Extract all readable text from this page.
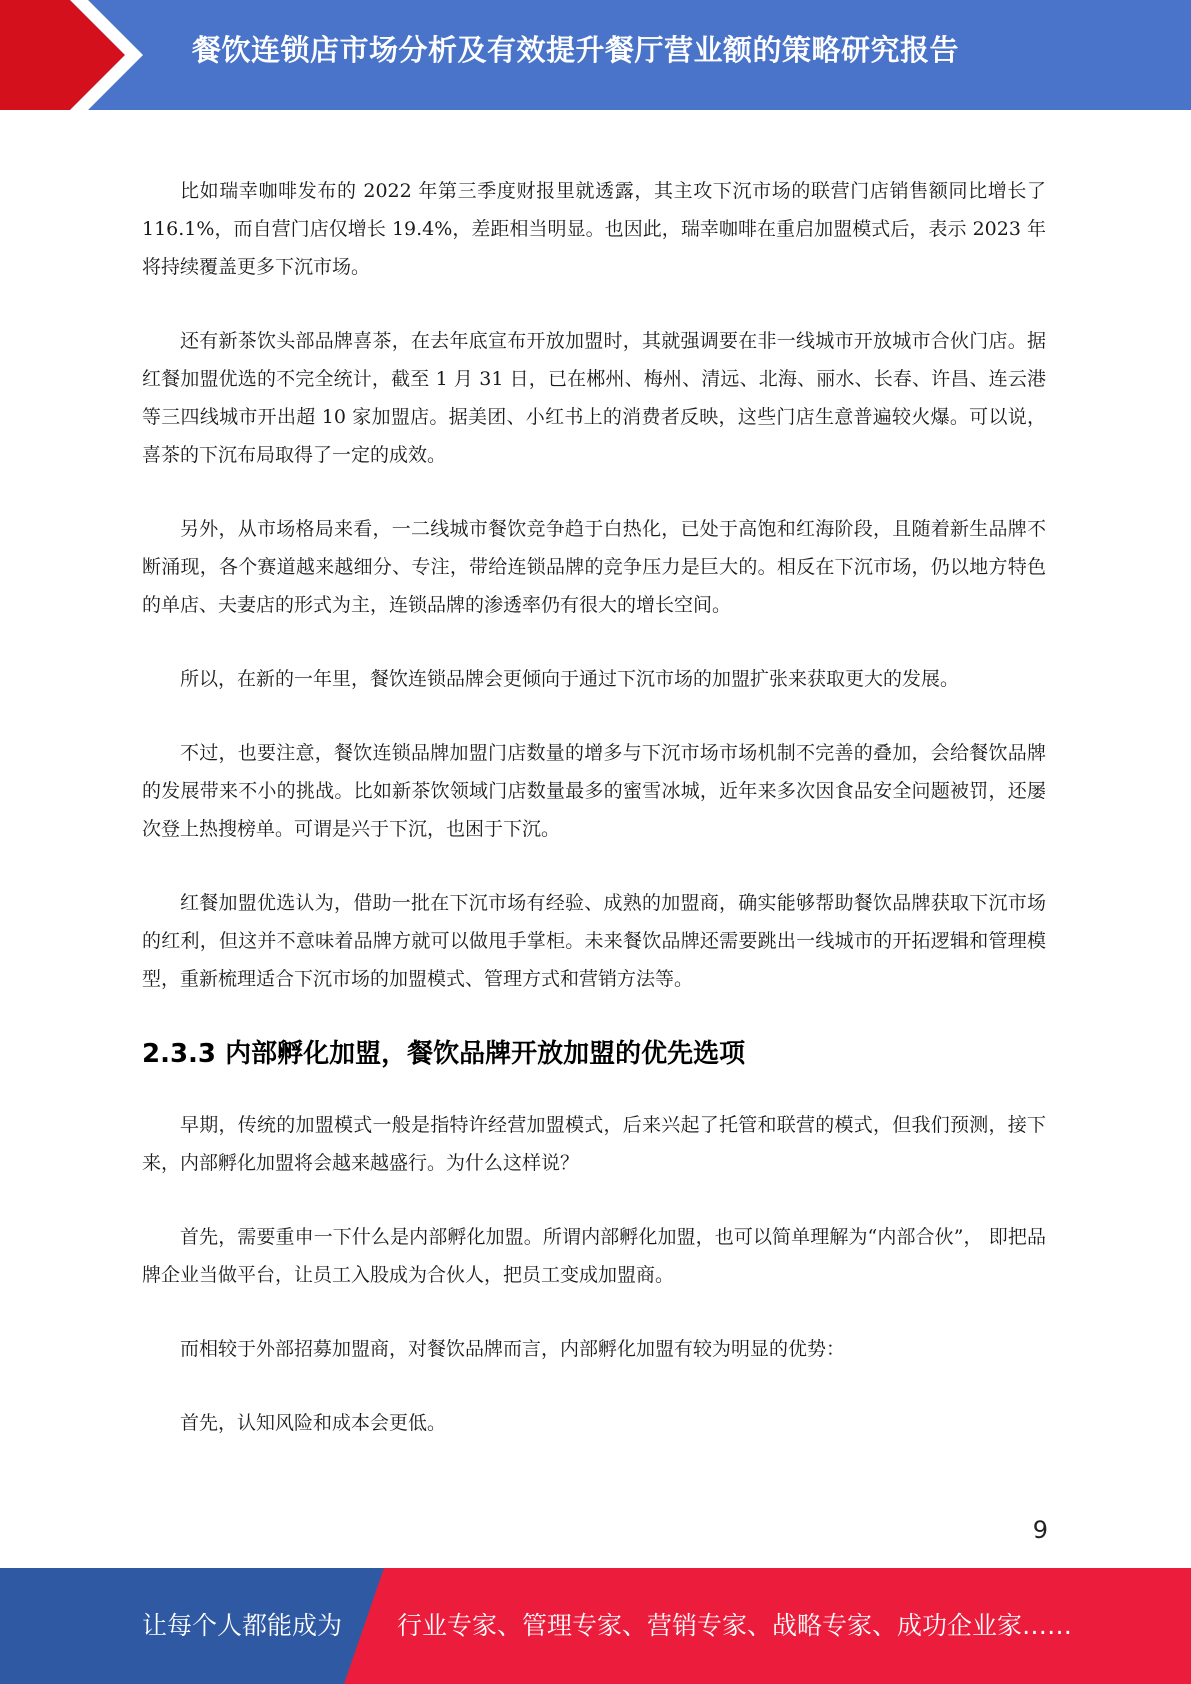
餐饮连锁店市场分析及有效提升餐厅营业额的策略研究报告

比如瑞幸咖啡发布的 2022 年第三季度财报里就透露，其主攻下沉市场的联营门店销售额同比增长了 116.1%，而自营门店仅增长 19.4%，差距相当明显。也因此，瑞幸咖啡在重启加盟模式后，表示 2023 年将持续覆盖更多下沉市场。

还有新茶饮头部品牌喜茶，在去年底宣布开放加盟时，其就强调要在非一线城市开放城市合伙门店。据红餐加盟优选的不完全统计，截至 1 月 31 日，已在郴州、梅州、清远、北海、丽水、长春、许昌、连云港等三四线城市开出超 10 家加盟店。据美团、小红书上的消费者反映，这些门店生意普遍较火爆。可以说，喜茶的下沉布局取得了一定的成效。

另外，从市场格局来看，一二线城市餐饮竞争趋于白热化，已处于高饱和红海阶段，且随着新生品牌不断涌现，各个赛道越来越细分、专注，带给连锁品牌的竞争压力是巨大的。相反在下沉市场，仍以地方特色的单店、夫妻店的形式为主，连锁品牌的渗透率仍有很大的增长空间。

所以，在新的一年里，餐饮连锁品牌会更倾向于通过下沉市场的加盟扩张来获取更大的发展。

不过，也要注意，餐饮连锁品牌加盟门店数量的增多与下沉市场市场机制不完善的叠加，会给餐饮品牌的发展带来不小的挑战。比如新茶饮领域门店数量最多的蜜雪冰城，近年来多次因食品安全问题被罚，还屡次登上热搜榜单。可谓是兴于下沉，也困于下沉。

红餐加盟优选认为，借助一批在下沉市场有经验、成熟的加盟商，确实能够帮助餐饮品牌获取下沉市场的红利，但这并不意味着品牌方就可以做甩手掌柜。未来餐饮品牌还需要跳出一线城市的开拓逻辑和管理模型，重新梳理适合下沉市场的加盟模式、管理方式和营销方法等。

2.3.3 内部孵化加盟，餐饮品牌开放加盟的优先选项

早期，传统的加盟模式一般是指特许经营加盟模式，后来兴起了托管和联营的模式，但我们预测，接下来，内部孵化加盟将会越来越盛行。为什么这样说？

首先，需要重申一下什么是内部孵化加盟。所谓内部孵化加盟，也可以简单理解为“内部合伙”， 即把品牌企业当做平台，让员工入股成为合伙人，把员工变成加盟商。

而相较于外部招募加盟商，对餐饮品牌而言，内部孵化加盟有较为明显的优势：

首先，认知风险和成本会更低。

9
让每个人都能成为 行业专家、管理专家、营销专家、战略专家、成功企业家……
